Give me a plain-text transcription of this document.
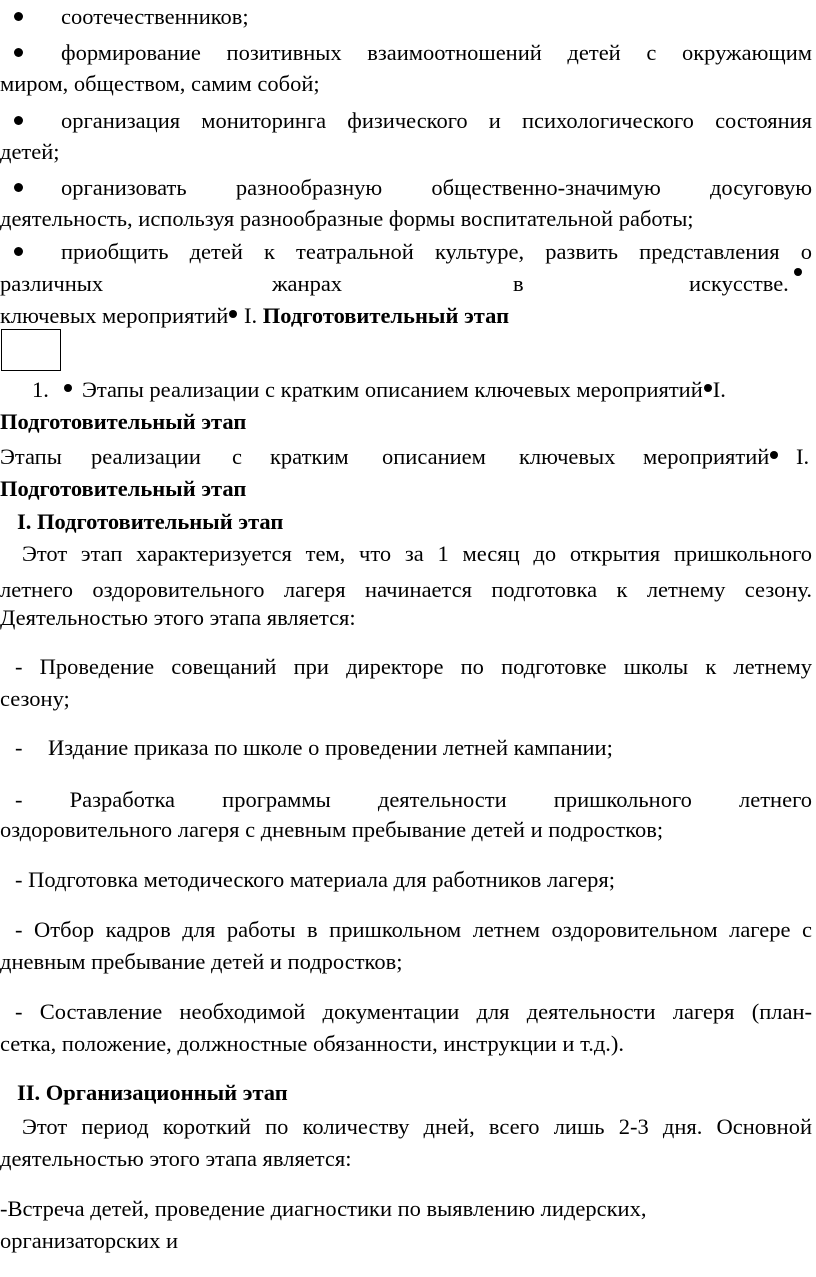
соотечественников;
формирование позитивных взаимоотношений детей с окружающим
миром, обществом, самим собой;
организация мониторинга физического и психологического состояния
детей;
организовать разнообразную общественно-значимую досуговую
деятельность, используя разнообразные формы воспитательной работы;
приобщить детей к театральной культуре, развить представления о
различных	жанрах	в	искусстве.
ключевых мероприятий I. Подготовительный этап
1. Этапы реализации с кратким описанием ключевых мероприятий I.
Подготовительный этап
Этапы реализации с кратким описанием ключевых мероприятий	I.
Подготовительный этап
I. Подготовительный этап
Этот этап характеризуется тем, что за 1 месяц до открытия пришкольного
летнего оздоровительного лагеря начинается подготовка к летнему сезону.
Деятельностью этого этапа является:
- Проведение совещаний при директоре по подготовке школы к летнему
сезону;
- Издание приказа по школе о проведении летней кампании;
- Разработка программы деятельности пришкольного летнего
оздоровительного лагеря с дневным пребывание детей и подростков;
- Подготовка методического материала для работников лагеря;
- Отбор кадров для работы в пришкольном летнем оздоровительном лагере с
дневным пребывание детей и подростков;
- Составление необходимой документации для деятельности лагеря (план-
сетка, положение, должностные обязанности, инструкции и т.д.).
II. Организационный этап
Этот период короткий по количеству дней, всего лишь 2-3 дня. Основной
деятельностью этого этапа является:
-Встреча детей, проведение диагностики по выявлению лидерских,
организаторских и
